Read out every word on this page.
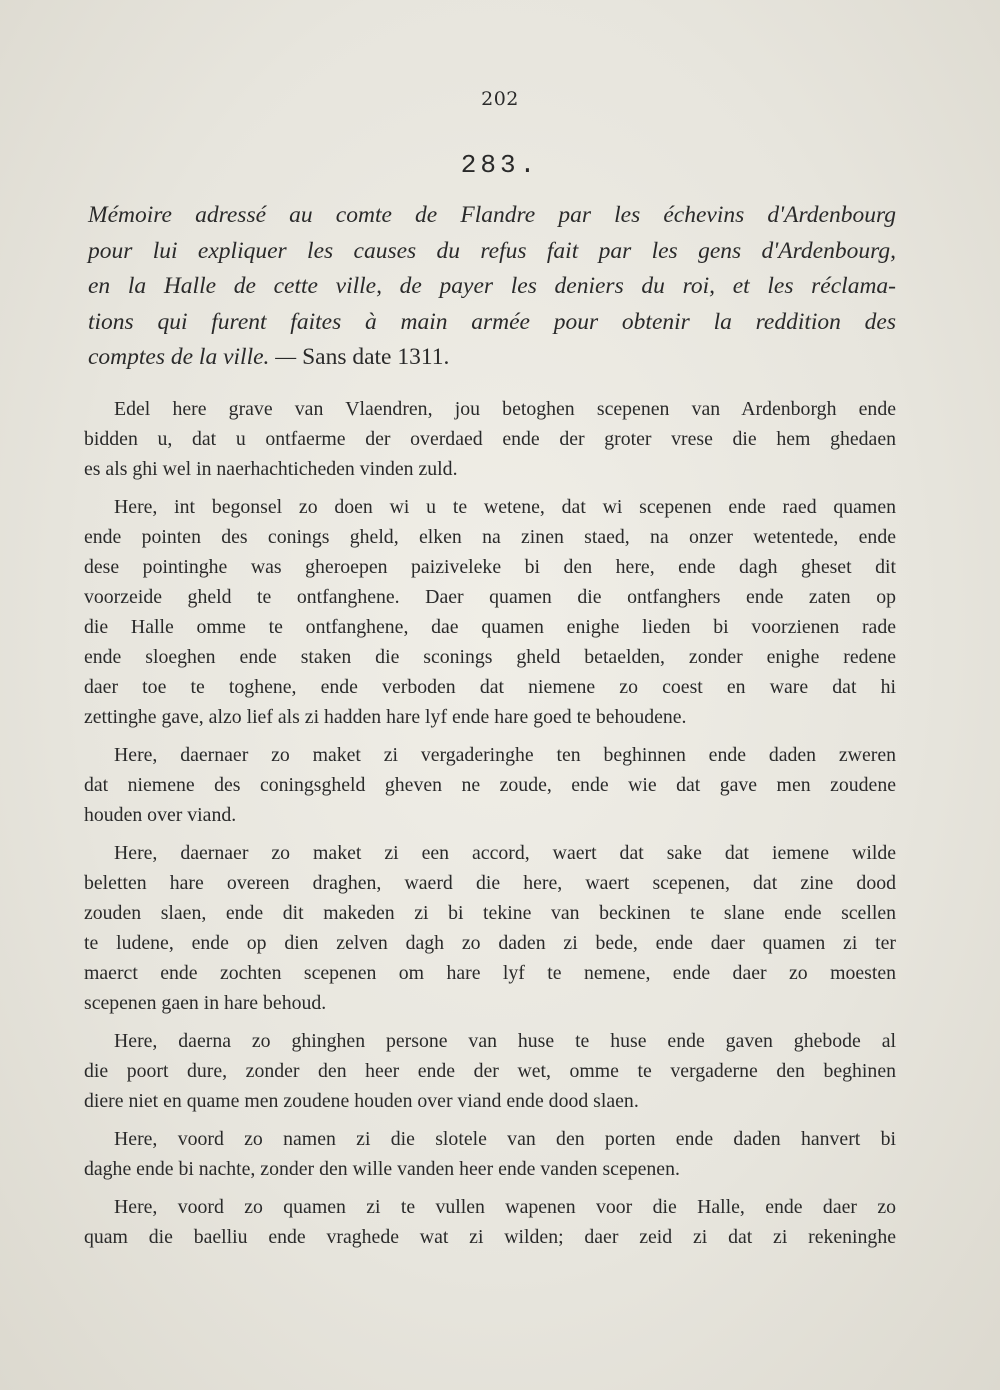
202
283.
Mémoire adressé au comte de Flandre par les échevins d'Ardenbourg
pour lui expliquer les causes du refus fait par les gens d'Ardenbourg,
en la Halle de cette ville, de payer les deniers du roi, et les réclama-
tions qui furent faites à main armée pour obtenir la reddition des
comptes de la ville. — Sans date 1311.
Edel here grave van Vlaendren, jou betoghen scepenen van Ardenborgh ende
bidden u, dat u ontfaerme der overdaed ende der groter vrese die hem ghedaen
es als ghi wel in naerhachticheden vinden zuld.
Here, int begonsel zo doen wi u te wetene, dat wi scepenen ende raed quamen
ende pointen des conings gheld, elken na zinen staed, na onzer wetentede, ende
dese pointinghe was gheroepen paiziveleke bi den here, ende dagh gheset dit
voorzeide gheld te ontfanghene. Daer quamen die ontfanghers ende zaten op
die Halle omme te ontfanghene, dae quamen enighe lieden bi voorzienen rade
ende sloeghen ende staken die sconings gheld betaelden, zonder enighe redene
daer toe te toghene, ende verboden dat niemene zo coest en ware dat hi
zettinghe gave, alzo lief als zi hadden hare lyf ende hare goed te behoudene.
Here, daernaer zo maket zi vergaderinghe ten beghinnen ende daden zweren
dat niemene des coningsgheld gheven ne zoude, ende wie dat gave men zoudene
houden over viand.
Here, daernaer zo maket zi een accord, waert dat sake dat iemene wilde
beletten hare overeen draghen, waerd die here, waert scepenen, dat zine dood
zouden slaen, ende dit makeden zi bi tekine van beckinen te slane ende scellen
te ludene, ende op dien zelven dagh zo daden zi bede, ende daer quamen zi ter
maerct ende zochten scepenen om hare lyf te nemene, ende daer zo moesten
scepenen gaen in hare behoud.
Here, daerna zo ghinghen persone van huse te huse ende gaven ghebode al
die poort dure, zonder den heer ende der wet, omme te vergaderne den beghinen
diere niet en quame men zoudene houden over viand ende dood slaen.
Here, voord zo namen zi die slotele van den porten ende daden hanvert bi
daghe ende bi nachte, zonder den wille vanden heer ende vanden scepenen.
Here, voord zo quamen zi te vullen wapenen voor die Halle, ende daer zo
quam die baelliu ende vraghede wat zi wilden; daer zeid zi dat zi rekeninghe
